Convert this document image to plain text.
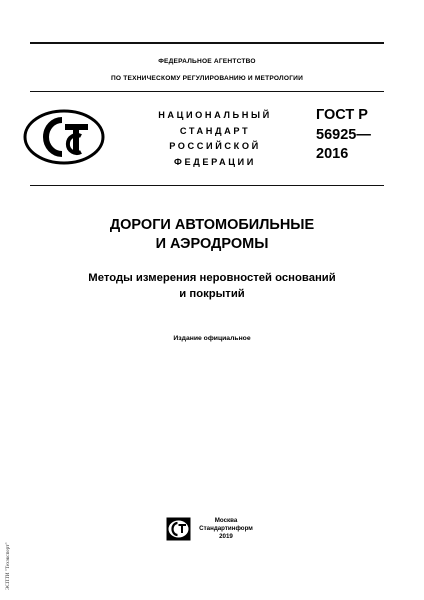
ФЕДЕРАЛЬНОЕ АГЕНТСТВО
ПО ТЕХНИЧЕСКОМУ РЕГУЛИРОВАНИЮ И МЕТРОЛОГИИ
НАЦИОНАЛЬНЫЙ
СТАНДАРТ
РОССИЙСКОЙ
ФЕДЕРАЦИИ
ГОСТ Р
56925—
2016
ДОРОГИ АВТОМОБИЛЬНЫЕ
И АЭРОДРОМЫ
Методы измерения неровностей оснований
и покрытий
Издание официальное
Москва
Стандартинформ
2019
ЭСПТИ "Техэксперт"
